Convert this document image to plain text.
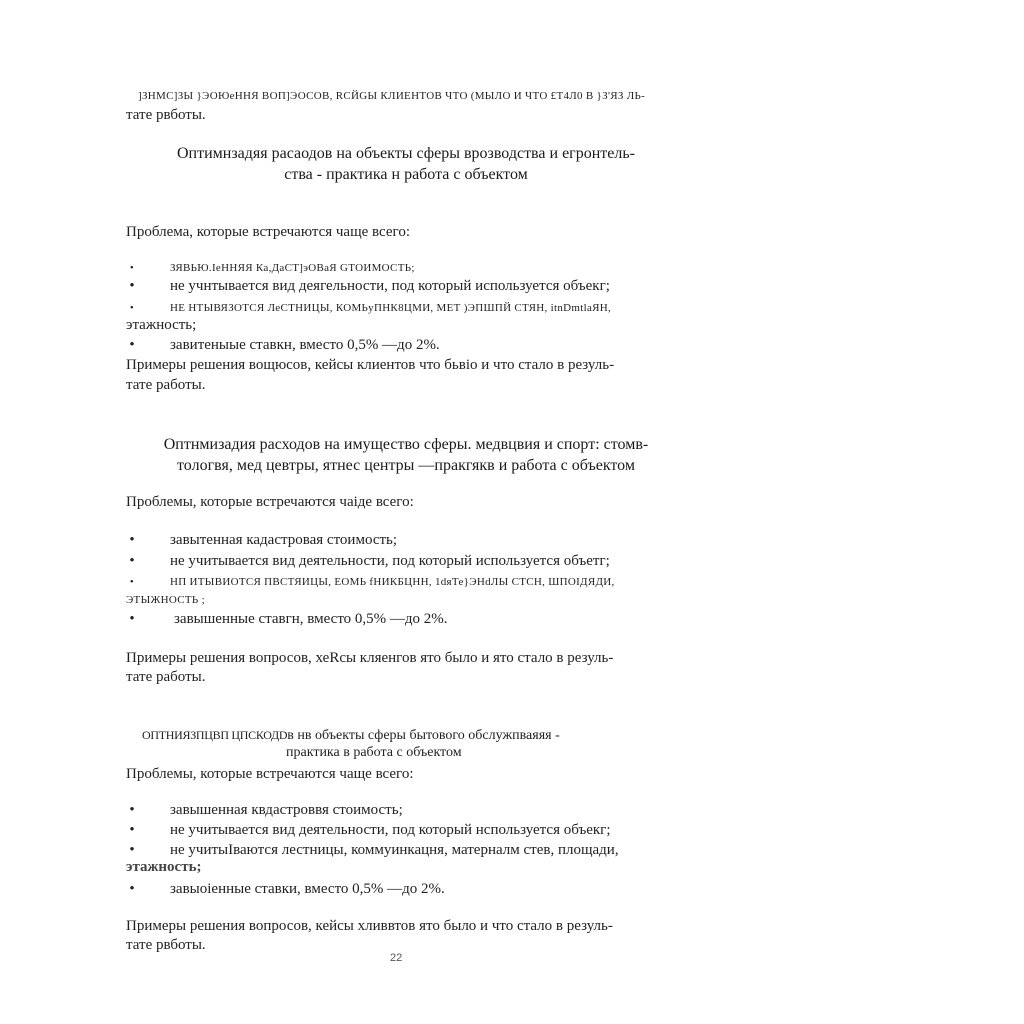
]ЗНМС]ЗЫ }ЭОЮеННЯ ВОП]ЭОСОВ, RСЙGЫ КЛИЕНТОВ ЧТО (МЫЛО И ЧТО £Т4Л0 В }З'ЯЗ ЛЬ-
тате рвботы.
Оптимнзадяя расаодов на объекты сферы врозводства и егронтель-
ства - практика н работа с объектом
Проблема, которые встречаются чаще всего:
•	ЗЯВЬЮ.IеННЯЯ Ка,ДаСТ]эОВаЯ GТОИМОСТЬ;
• не учнтывается вид деягельности, под который используется объекг;
•	НЕ НТЫВЯЗОТСЯ ЛеСТНИЦЫ, КОМЬуПНК8ЦМИ, МЕТ )ЭПШПЙ СТЯН, itnDmtlaЯН,
этажность;
• завитеныые ставкн, вместо 0,5% —до 2%.
Примеры решения вощюсов, кейсы клиентов что бьвіо и что стало в резуль-
тате работы.
Оптнмизадия расходов на имущество сферы. медвцвия и спорт: стомв-
тологвя, мед цевтры, ятнес центры —пракгякв и работа с объектом
Проблемы, которые встречаются чаіде всего:
• завытенная кадастровая стоимость;
• не учитывается вид деятельности, под который используется объетг;
•	НП ИТЫВИОТСЯ ПВСТЯИЦЫ, ЕОМЬ fНИКБЦНН, 1dяТе}ЭНdЛЫ СТСН, ШПОIДЯДИ,
ЭТЫЖНОСТЬ ;
•	завышенные ставгн, вместо 0,5% —до 2%.
Примеры решения вопросов, хеRсы кляенгов ято было и ято стало в резуль-
тате работы.
ОПТНИЯЗПЦВП ЦПСКОДDв нв объекты сферы бытового обслужпваяяя -
практика в работа с объектом
Проблемы, которые встречаются чаще всего:
• завышенная квдастроввя стоимость;
• не учитывается вид деятельности, под который нспользуется объекг;
• не учитыIваются лестницы, коммуинкацня, матерналм стев, площади,
этажность;
• завыоіенные ставки, вместо 0,5% —до 2%.
Примеры решения вопросов, кейсы хливвтов ято было и что стало в резуль-
тате рвботы.
22
